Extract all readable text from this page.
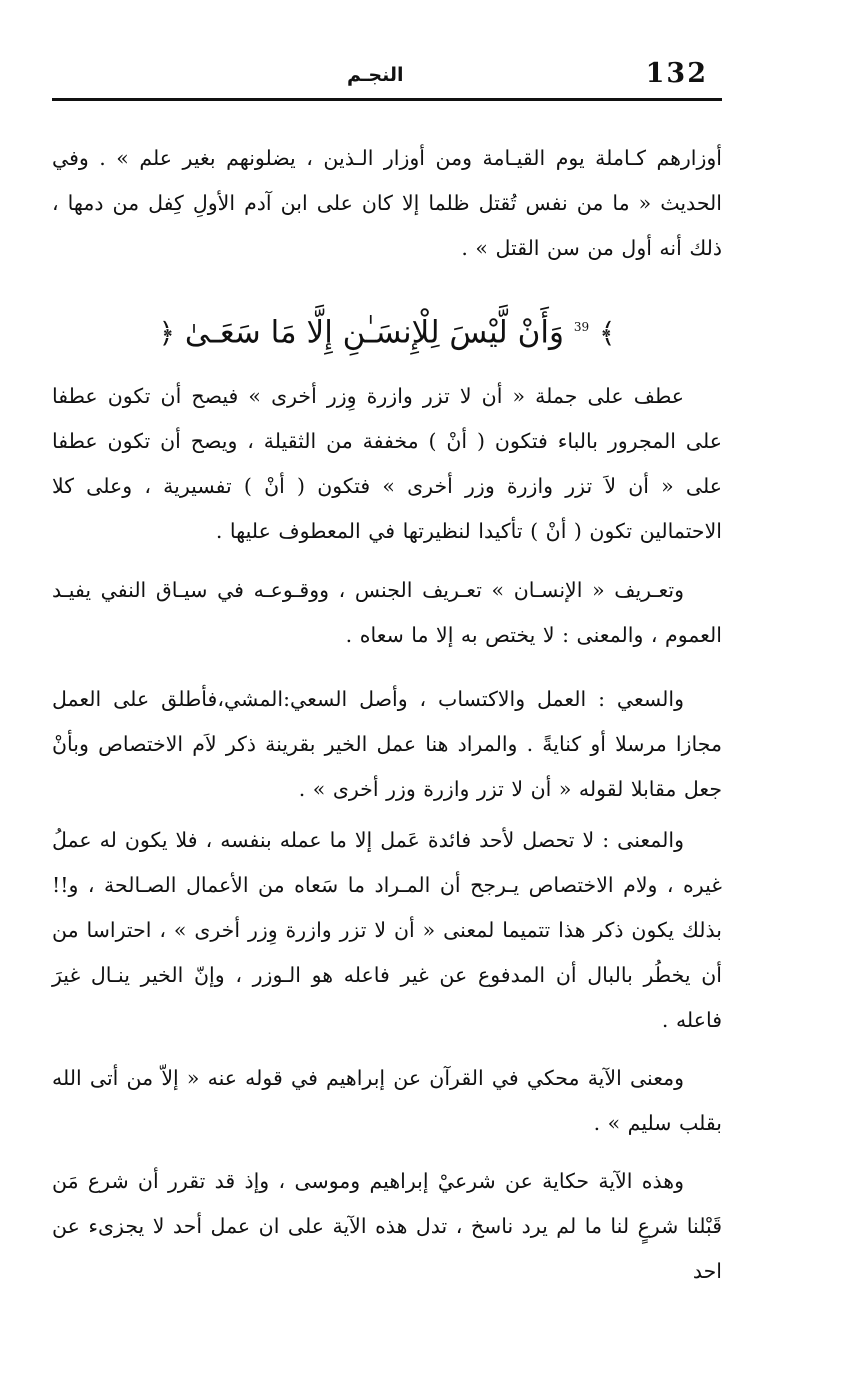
132
النجـم

أوزارهم كـاملة يوم القيـامة ومن أوزار الـذين ، يضلونهم بغير علم » . وفي الحديث « ما من نفس تُقتل ظلما إلا كان على ابن آدم الأولِ كِفل من دمها ، ذلك أنه أول من سن القتل » .

﴾ $^{39}$ وَأَنْ لَّيْسَ لِلْإِنسَـٰنِ إِلَّا مَا سَعَـىٰ ﴿

عطف على جملة « أن لا تزر وازرة وِزر أخرى » فيصح أن تكون عطفا على المجرور بالباء فتكون ( أنْ ) مخففة من الثقيلة ، ويصح أن تكون عطفا على « أن لاَ تزر وازرة وزر أخرى » فتكون ( أنْ ) تفسيرية ، وعلى كلا الاحتمالين تكون ( أنْ ) تأكيدا لنظيرتها في المعطوف عليها .

وتعـريف « الإنسـان » تعـريف الجنس ، ووقـوعـه في سيـاق النفي يفيـد العموم ، والمعنى : لا يختص به إلا ما سعاه .

والسعي : العمل والاكتساب ، وأصل السعي:المشي،فأطلق على العمل مجازا مرسلا أو كنايةً . والمراد هنا عمل الخير بقرينة ذكر لاَم الاختصاص وبأنْ جعل مقابلا لقوله « أن لا تزر وازرة وزر أخرى » .

والمعنى : لا تحصل لأحد فائدة عَمل إلا ما عمله بنفسه ، فلا يكون له عملُ غيره ، ولام الاختصاص يـرجح أن المـراد ما سَعاه من الأعمال الصـالحة ، و!!بذلك يكون ذكر هذا تتميما لمعنى « أن لا تزر وازرة وِزر أخرى » ، احتراسا من أن يخطُر بالبال أن المدفوع عن غير فاعله هو الـوزر ، وإنّ الخير ينـال غيرَ فاعله .

ومعنى الآية محكي في القرآن عن إبراهيم في قوله عنه « إلاّ من أتى الله بقلب سليم » .

وهذه الآية حكاية عن شرعيْ إبراهيم وموسى ، وإذ قد تقرر أن شرع مَن قَبْلنا شرعٍ لنا ما لم يرد ناسخ ، تدل هذه الآية على ان عمل أحد لا يجزىء عن احد
